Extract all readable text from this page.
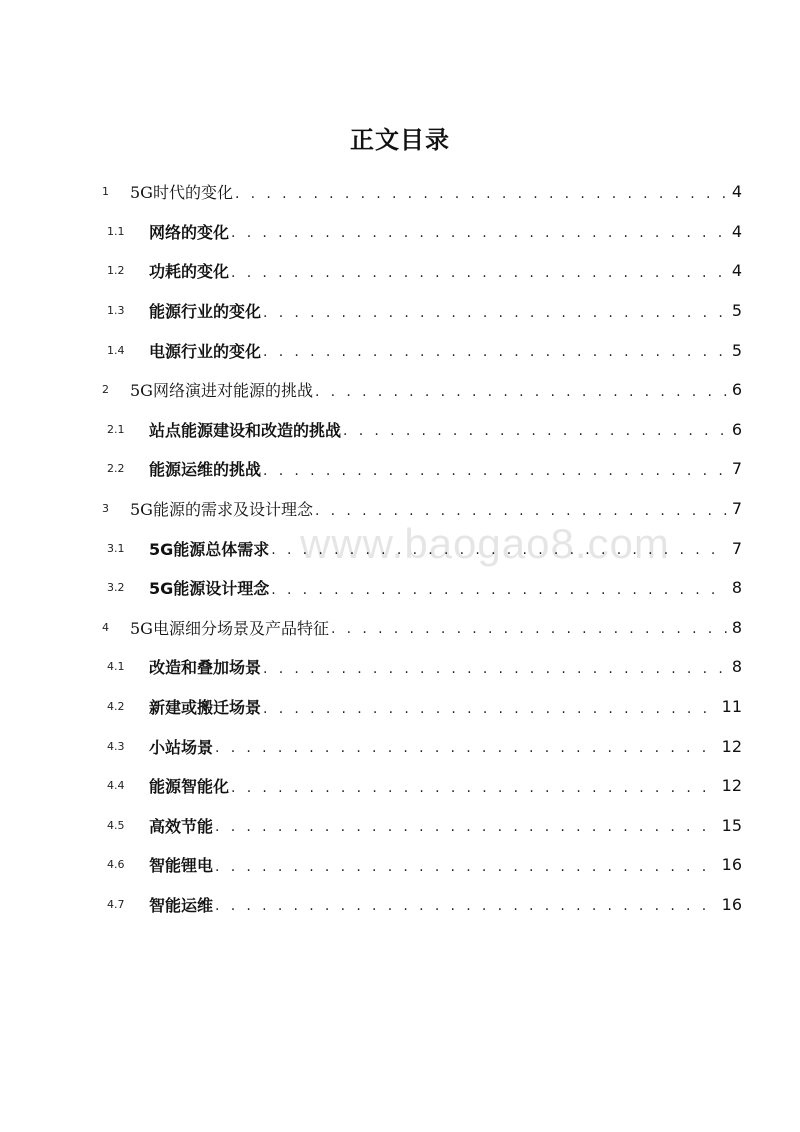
正文目录
1	5G时代的变化 . . .	4
1.1	网络的变化 . . .	4
1.2	功耗的变化 . . .	4
1.3	能源行业的变化 . . .	5
1.4	电源行业的变化 . . .	5
2	5G网络演进对能源的挑战 . . .	6
2.1	站点能源建设和改造的挑战 . . .	6
2.2	能源运维的挑战 . . .	7
3	5G能源的需求及设计理念 . . .	7
3.1	5G能源总体需求 . . .	7
3.2	5G能源设计理念 . . .	8
4	5G电源细分场景及产品特征 . . .	8
4.1	改造和叠加场景 . . .	8
4.2	新建或搬迁场景 . . .	11
4.3	小站场景 . . .	12
4.4	能源智能化 . . .	12
4.5	高效节能 . . .	15
4.6	智能锂电 . . .	16
4.7	智能运维 . . .	16
www.baogao8.com
